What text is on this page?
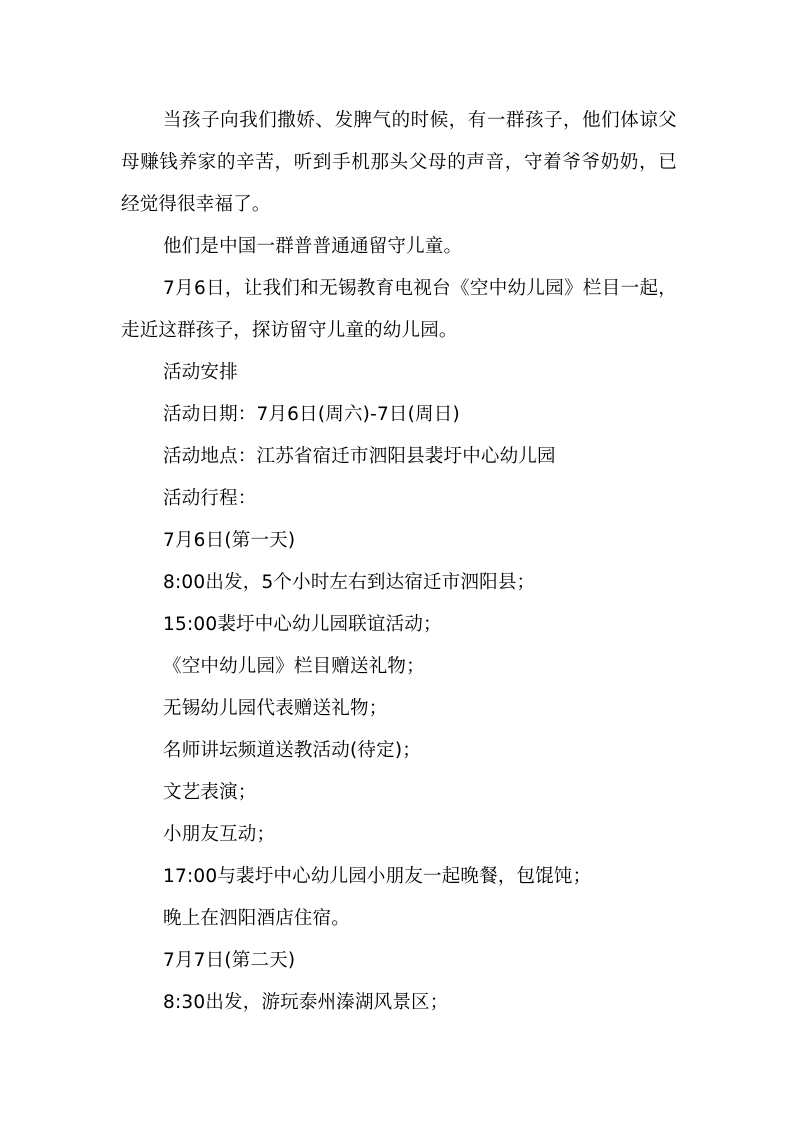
当孩子向我们撒娇、发脾气的时候，有一群孩子，他们体谅父母赚钱养家的辛苦，听到手机那头父母的声音，守着爷爷奶奶，已经觉得很幸福了。

他们是中国一群普普通通留守儿童。

7月6日，让我们和无锡教育电视台《空中幼儿园》栏目一起，走近这群孩子，探访留守儿童的幼儿园。

活动安排

活动日期：7月6日(周六)-7日(周日)

活动地点：江苏省宿迁市泗阳县裴圩中心幼儿园

活动行程：

7月6日(第一天)

8:00出发，5个小时左右到达宿迁市泗阳县；

15:00裴圩中心幼儿园联谊活动；

《空中幼儿园》栏目赠送礼物；

无锡幼儿园代表赠送礼物；

名师讲坛频道送教活动(待定)；

文艺表演；

小朋友互动；

17:00与裴圩中心幼儿园小朋友一起晚餐，包馄饨；

晚上在泗阳酒店住宿。

7月7日(第二天)

8:30出发，游玩泰州溱湖风景区；
